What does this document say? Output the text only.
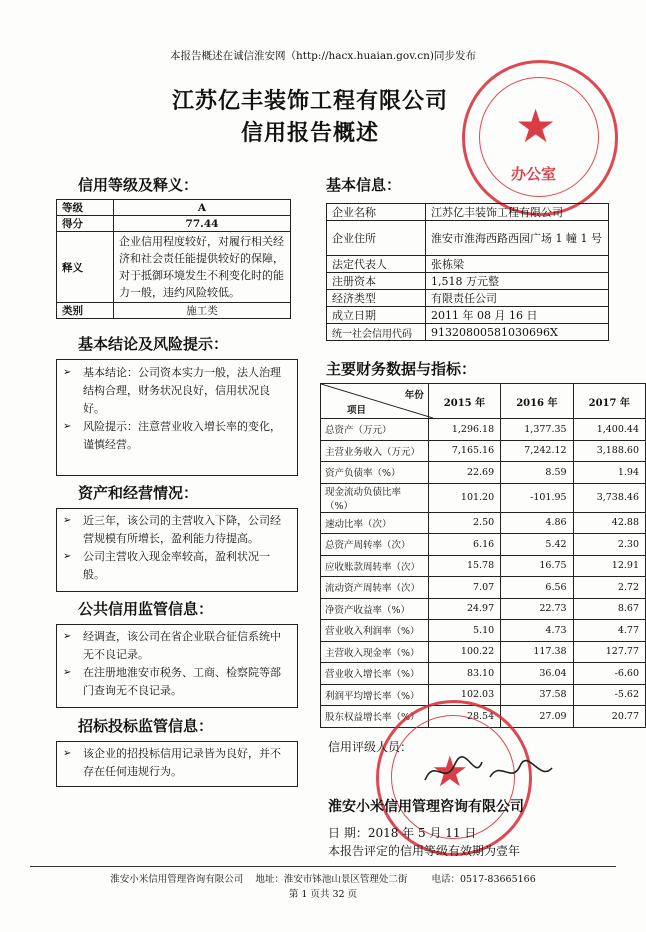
本报告概述在诚信淮安网（http://hacx.huaian.gov.cn)同步发布
江苏亿丰装饰工程有限公司
信用报告概述	★
办公室
信用等级及释义：
等级	A
得分	77.44
释义	企业信用程度较好，对履行相关经济和社会责任能提供较好的保障，对于抵御环境发生不利变化时的能力一般，违约风险较低。
类别	施工类
基本结论及风险提示：
➢ 基本结论：公司资本实力一般，法人治理结构合理，财务状况良好，信用状况良好。
➢ 风险提示：注意营业收入增长率的变化，谨慎经营。
资产和经营情况：
➢ 近三年，该公司的主营收入下降，公司经营规模有所增长，盈利能力待提高。
➢ 公司主营收入现金率较高，盈利状况一般。
公共信用监管信息：
➢ 经调查，该公司在省企业联合征信系统中无不良记录。
➢ 在注册地淮安市税务、工商、检察院等部门查询无不良记录。
招标投标监管信息：
➢ 该企业的招投标信用记录皆为良好，并不存在任何违规行为。
基本信息：
企业名称	江苏亿丰装饰工程有限公司
企业住所	淮安市淮海西路西园广场 1 幢 1 号
法定代表人	张栋梁
注册资本	1,518 万元整
经济类型	有限责任公司
成立日期	2011 年 08 月 16 日
统一社会信用代码	91320800581030696X
主要财务数据与指标：
年份
项目	2015 年	2016 年	2017 年
总资产（万元）	1,296.18	1,377.35	1,400.44
主营业务收入（万元）	7,165.16	7,242.12	3,188.60
资产负债率（%）	22.69	8.59	1.94
现金流动负债比率（%）	101.20	-101.95	3,738.46
速动比率（次）	2.50	4.86	42.88
总资产周转率（次）	6.16	5.42	2.30
应收账款周转率（次）	15.78	16.75	12.91
流动资产周转率（次）	7.07	6.56	2.72
净资产收益率（%）	24.97	22.73	8.67
营业收入利润率（%）	5.10	4.73	4.77
主营收入现金率（%）	100.22	117.38	127.77
营业收入增长率（%）	83.10	36.04	-6.60
利润平均增长率（%）	102.03	37.58	-5.62
股东权益增长率（%）	28.54	27.09	20.77
★
信用评级人员：
淮安小米信用管理咨询有限公司
日 期：2018 年 5 月 11 日
本报告评定的信用等级有效期为壹年
淮安小米信用管理咨询有限公司 地址：淮安市钵池山景区管理处二街	电话：0517-83665166
第 1 页共 32 页
